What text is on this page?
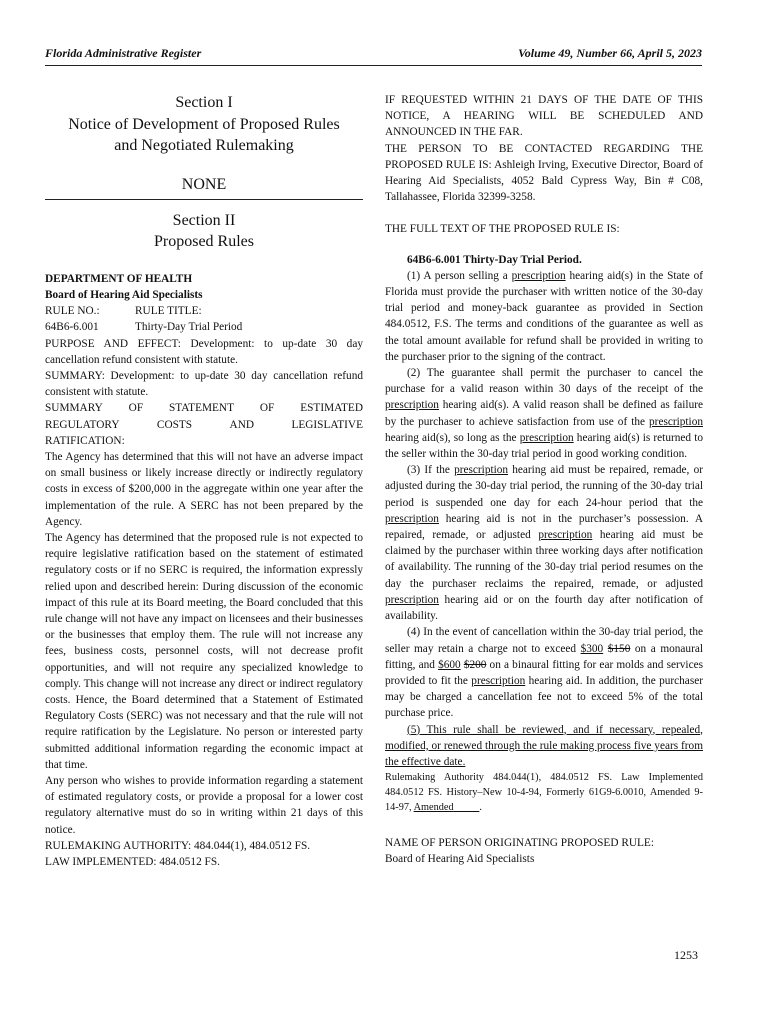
Florida Administrative Register	Volume 49, Number 66, April 5, 2023
Section I
Notice of Development of Proposed Rules
and Negotiated Rulemaking
NONE
Section II
Proposed Rules

DEPARTMENT OF HEALTH

Board of Hearing Aid Specialists

RULE NO.:	RULE TITLE:
64B6-6.001	Thirty-Day Trial Period

PURPOSE AND EFFECT: Development: to up-date 30 day cancellation refund consistent with statute.

SUMMARY: Development: to up-date 30 day cancellation refund consistent with statute.

SUMMARY OF STATEMENT OF ESTIMATED
REGULATORY	COSTS	AND	LEGISLATIVE

RATIFICATION:

The Agency has determined that this will not have an adverse impact on small business or likely increase directly or indirectly regulatory costs in excess of $200,000 in the aggregate within one year after the implementation of the rule. A SERC has not been prepared by the Agency.

The Agency has determined that the proposed rule is not expected to require legislative ratification based on the statement of estimated regulatory costs or if no SERC is required, the information expressly relied upon and described herein: During discussion of the economic impact of this rule at its Board meeting, the Board concluded that this rule change will not have any impact on licensees and their businesses or the businesses that employ them. The rule will not increase any fees, business costs, personnel costs, will not decrease profit opportunities, and will not require any specialized knowledge to comply. This change will not increase any direct or indirect regulatory costs. Hence, the Board determined that a Statement of Estimated Regulatory Costs (SERC) was not necessary and that the rule will not require ratification by the Legislature. No person or interested party submitted additional information regarding the economic impact at that time.

Any person who wishes to provide information regarding a statement of estimated regulatory costs, or provide a proposal for a lower cost regulatory alternative must do so in writing within 21 days of this notice.

RULEMAKING AUTHORITY: 484.044(1), 484.0512 FS.

LAW IMPLEMENTED: 484.0512 FS.

IF REQUESTED WITHIN 21 DAYS OF THE DATE OF THIS NOTICE, A HEARING WILL BE SCHEDULED AND ANNOUNCED IN THE FAR.

THE PERSON TO BE CONTACTED REGARDING THE PROPOSED RULE IS: Ashleigh Irving, Executive Director, Board of Hearing Aid Specialists, 4052 Bald Cypress Way, Bin # C08, Tallahassee, Florida 32399-3258.

THE FULL TEXT OF THE PROPOSED RULE IS:

64B6-6.001 Thirty-Day Trial Period.

(1) A person selling a prescription hearing aid(s) in the State of Florida must provide the purchaser with written notice of the 30-day trial period and money-back guarantee as provided in Section 484.0512, F.S. The terms and conditions of the guarantee as well as the total amount available for refund shall be provided in writing to the purchaser prior to the signing of the contract.

(2) The guarantee shall permit the purchaser to cancel the purchase for a valid reason within 30 days of the receipt of the prescription hearing aid(s). A valid reason shall be defined as failure by the purchaser to achieve satisfaction from use of the prescription hearing aid(s), so long as the prescription hearing aid(s) is returned to the seller within the 30-day trial period in good working condition.

(3) If the prescription hearing aid must be repaired, remade, or adjusted during the 30-day trial period, the running of the 30-day trial period is suspended one day for each 24-hour period that the prescription hearing aid is not in the purchaser’s possession. A repaired, remade, or adjusted prescription hearing aid must be claimed by the purchaser within three working days after notification of availability. The running of the 30-day trial period resumes on the day the purchaser reclaims the repaired, remade, or adjusted prescription hearing aid or on the fourth day after notification of availability.

(4) In the event of cancellation within the 30-day trial period, the seller may retain a charge not to exceed $300 $150 on a monaural fitting, and $600 $200 on a binaural fitting for ear molds and services provided to fit the prescription hearing aid. In addition, the purchaser may be charged a cancellation fee not to exceed 5% of the total purchase price.

(5) This rule shall be reviewed, and if necessary, repealed, modified, or renewed through the rule making process five years from the effective date.

Rulemaking Authority 484.044(1), 484.0512 FS. Law Implemented 484.0512 FS. History–New 10-4-94, Formerly 61G9-6.0010, Amended 9-14-97, Amended	.

NAME OF PERSON ORIGINATING PROPOSED RULE:

Board of Hearing Aid Specialists

1253
